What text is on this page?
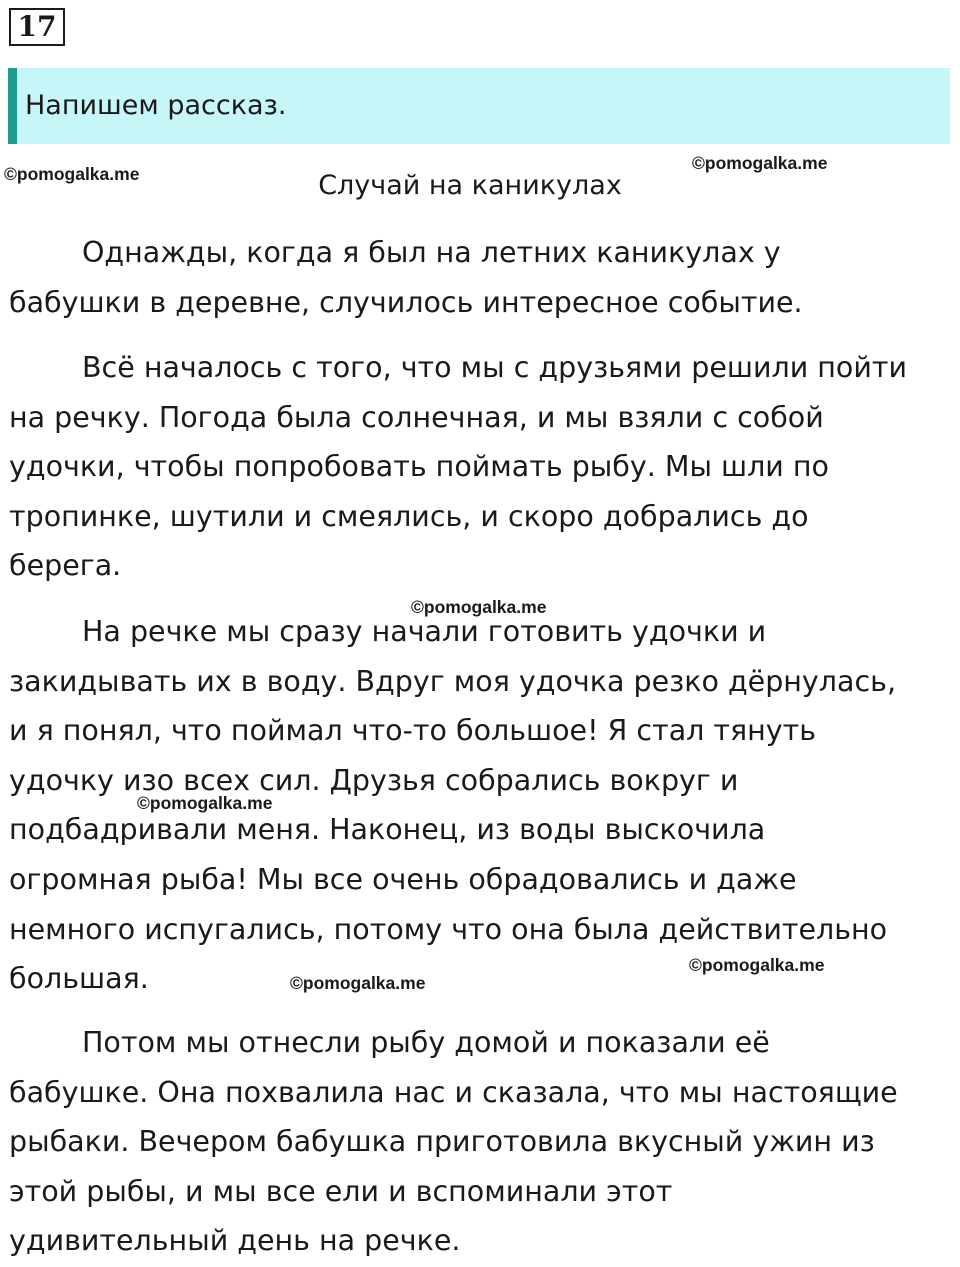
17
Напишем рассказ.
Случай на каникулах

Однажды, когда я был на летних каникулах у
бабушки в деревне, случилось интересное событие.

Всё началось с того, что мы с друзьями решили пойти
на речку. Погода была солнечная, и мы взяли с собой
удочки, чтобы попробовать поймать рыбу. Мы шли по
тропинке, шутили и смеялись, и скоро добрались до
берега.

На речке мы сразу начали готовить удочки и
закидывать их в воду. Вдруг моя удочка резко дёрнулась,
и я понял, что поймал что-то большое! Я стал тянуть
удочку изо всех сил. Друзья собрались вокруг и
подбадривали меня. Наконец, из воды выскочила
огромная рыба! Мы все очень обрадовались и даже
немного испугались, потому что она была действительно
большая.

Потом мы отнесли рыбу домой и показали её
бабушке. Она похвалила нас и сказала, что мы настоящие
рыбаки. Вечером бабушка приготовила вкусный ужин из
этой рыбы, и мы все ели и вспоминали этот
удивительный день на речке.

©pomogalka.me
©pomogalka.me
©pomogalka.me
©pomogalka.me
©pomogalka.me
©pomogalka.me
